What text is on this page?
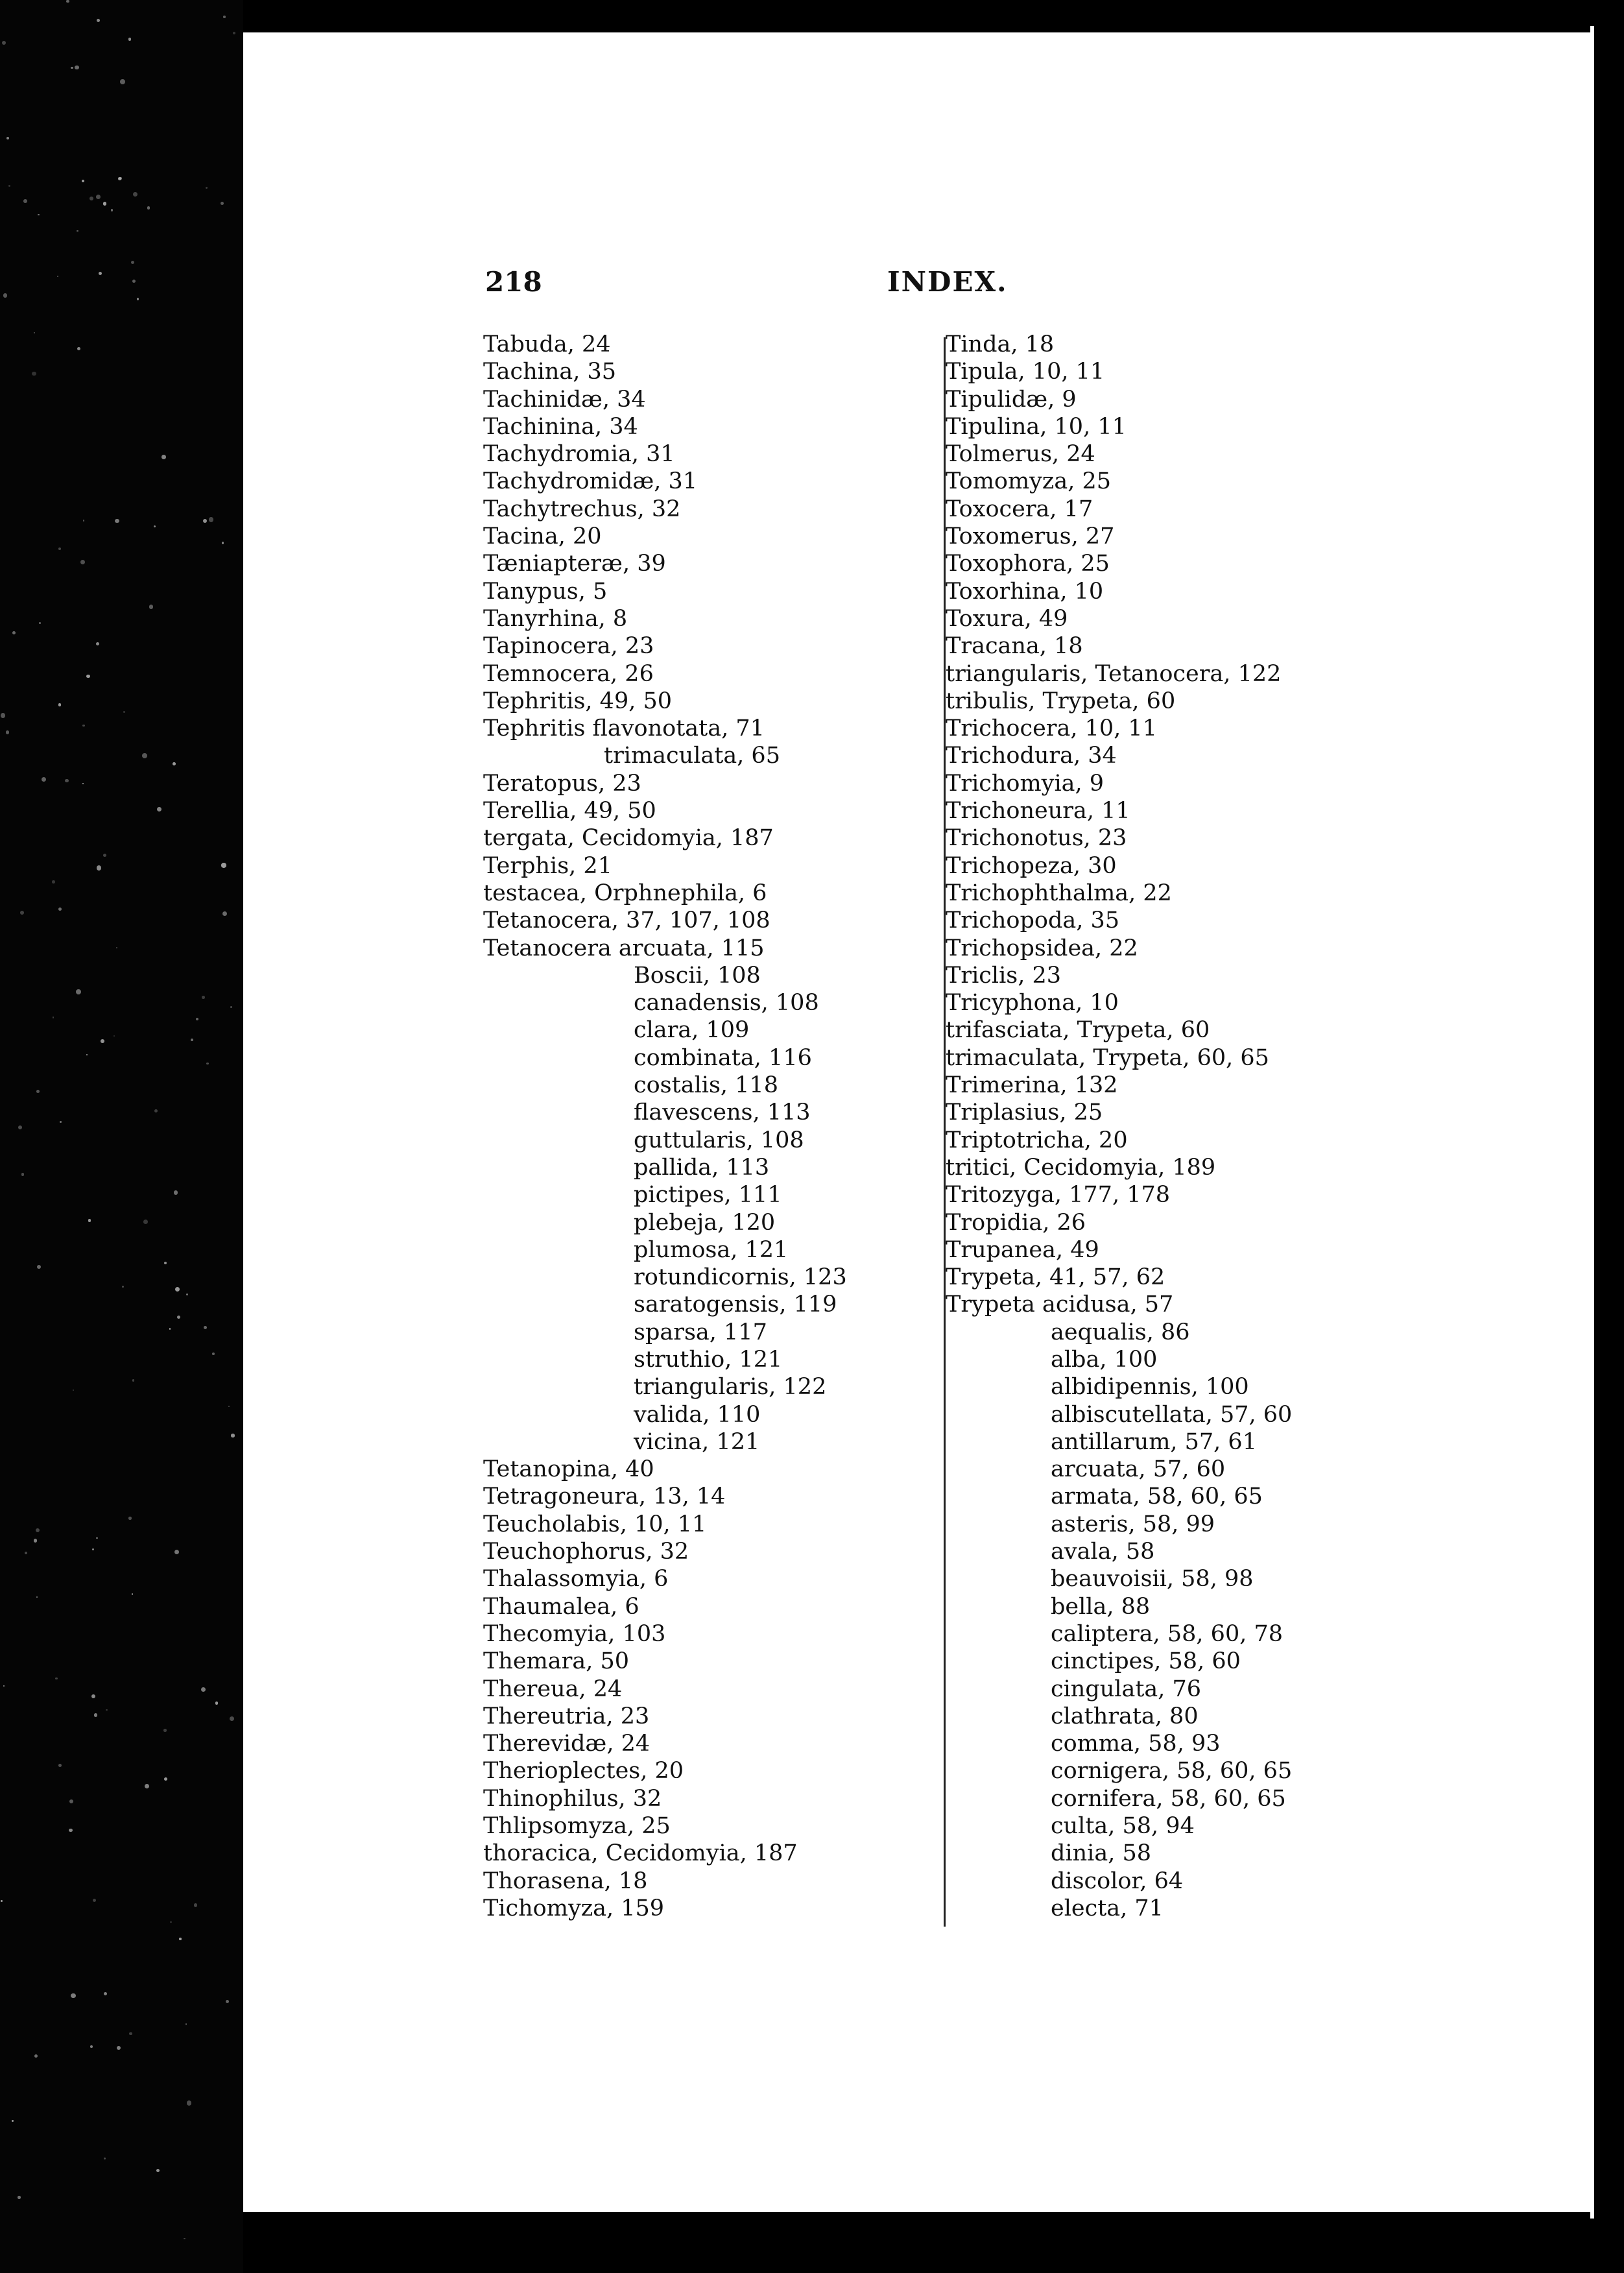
218	INDEX.
Tabuda, 24
Tachina, 35
Tachinidæ, 34
Tachinina, 34
Tachydromia, 31
Tachydromidæ, 31
Tachytrechus, 32
Tacina, 20
Tæniapteræ, 39
Tanypus, 5
Tanyrhina, 8
Tapinocera, 23
Temnocera, 26
Tephritis, 49, 50
Tephritis flavonotata, 71
trimaculata, 65
Teratopus, 23
Terellia, 49, 50
tergata, Cecidomyia, 187
Terphis, 21
testacea, Orphnephila, 6
Tetanocera, 37, 107, 108
Tetanocera arcuata, 115
Boscii, 108
canadensis, 108
clara, 109
combinata, 116
costalis, 118
flavescens, 113
guttularis, 108
pallida, 113
pictipes, 111
plebeja, 120
plumosa, 121
rotundicornis, 123
saratogensis, 119
sparsa, 117
struthio, 121
triangularis, 122
valida, 110
vicina, 121
Tetanopina, 40
Tetragoneura, 13, 14
Teucholabis, 10, 11
Teuchophorus, 32
Thalassomyia, 6
Thaumalea, 6
Thecomyia, 103
Themara, 50
Thereua, 24
Thereutria, 23
Therevidæ, 24
Therioplectes, 20
Thinophilus, 32
Thlipsomyza, 25
thoracica, Cecidomyia, 187
Thorasena, 18
Tichomyza, 159
Tinda, 18
Tipula, 10, 11
Tipulidæ, 9
Tipulina, 10, 11
Tolmerus, 24
Tomomyza, 25
Toxocera, 17
Toxomerus, 27
Toxophora, 25
Toxorhina, 10
Toxura, 49
Tracana, 18
triangularis, Tetanocera, 122
tribulis, Trypeta, 60
Trichocera, 10, 11
Trichodura, 34
Trichomyia, 9
Trichoneura, 11
Trichonotus, 23
Trichopeza, 30
Trichophthalma, 22
Trichopoda, 35
Trichopsidea, 22
Triclis, 23
Tricyphona, 10
trifasciata, Trypeta, 60
trimaculata, Trypeta, 60, 65
Trimerina, 132
Triplasius, 25
Triptotricha, 20
tritici, Cecidomyia, 189
Tritozyga, 177, 178
Tropidia, 26
Trupanea, 49
Trypeta, 41, 57, 62
Trypeta acidusa, 57
aequalis, 86
alba, 100
albidipennis, 100
albiscutellata, 57, 60
antillarum, 57, 61
arcuata, 57, 60
armata, 58, 60, 65
asteris, 58, 99
avala, 58
beauvoisii, 58, 98
bella, 88
caliptera, 58, 60, 78
cinctipes, 58, 60
cingulata, 76
clathrata, 80
comma, 58, 93
cornigera, 58, 60, 65
cornifera, 58, 60, 65
culta, 58, 94
dinia, 58
discolor, 64
electa, 71
